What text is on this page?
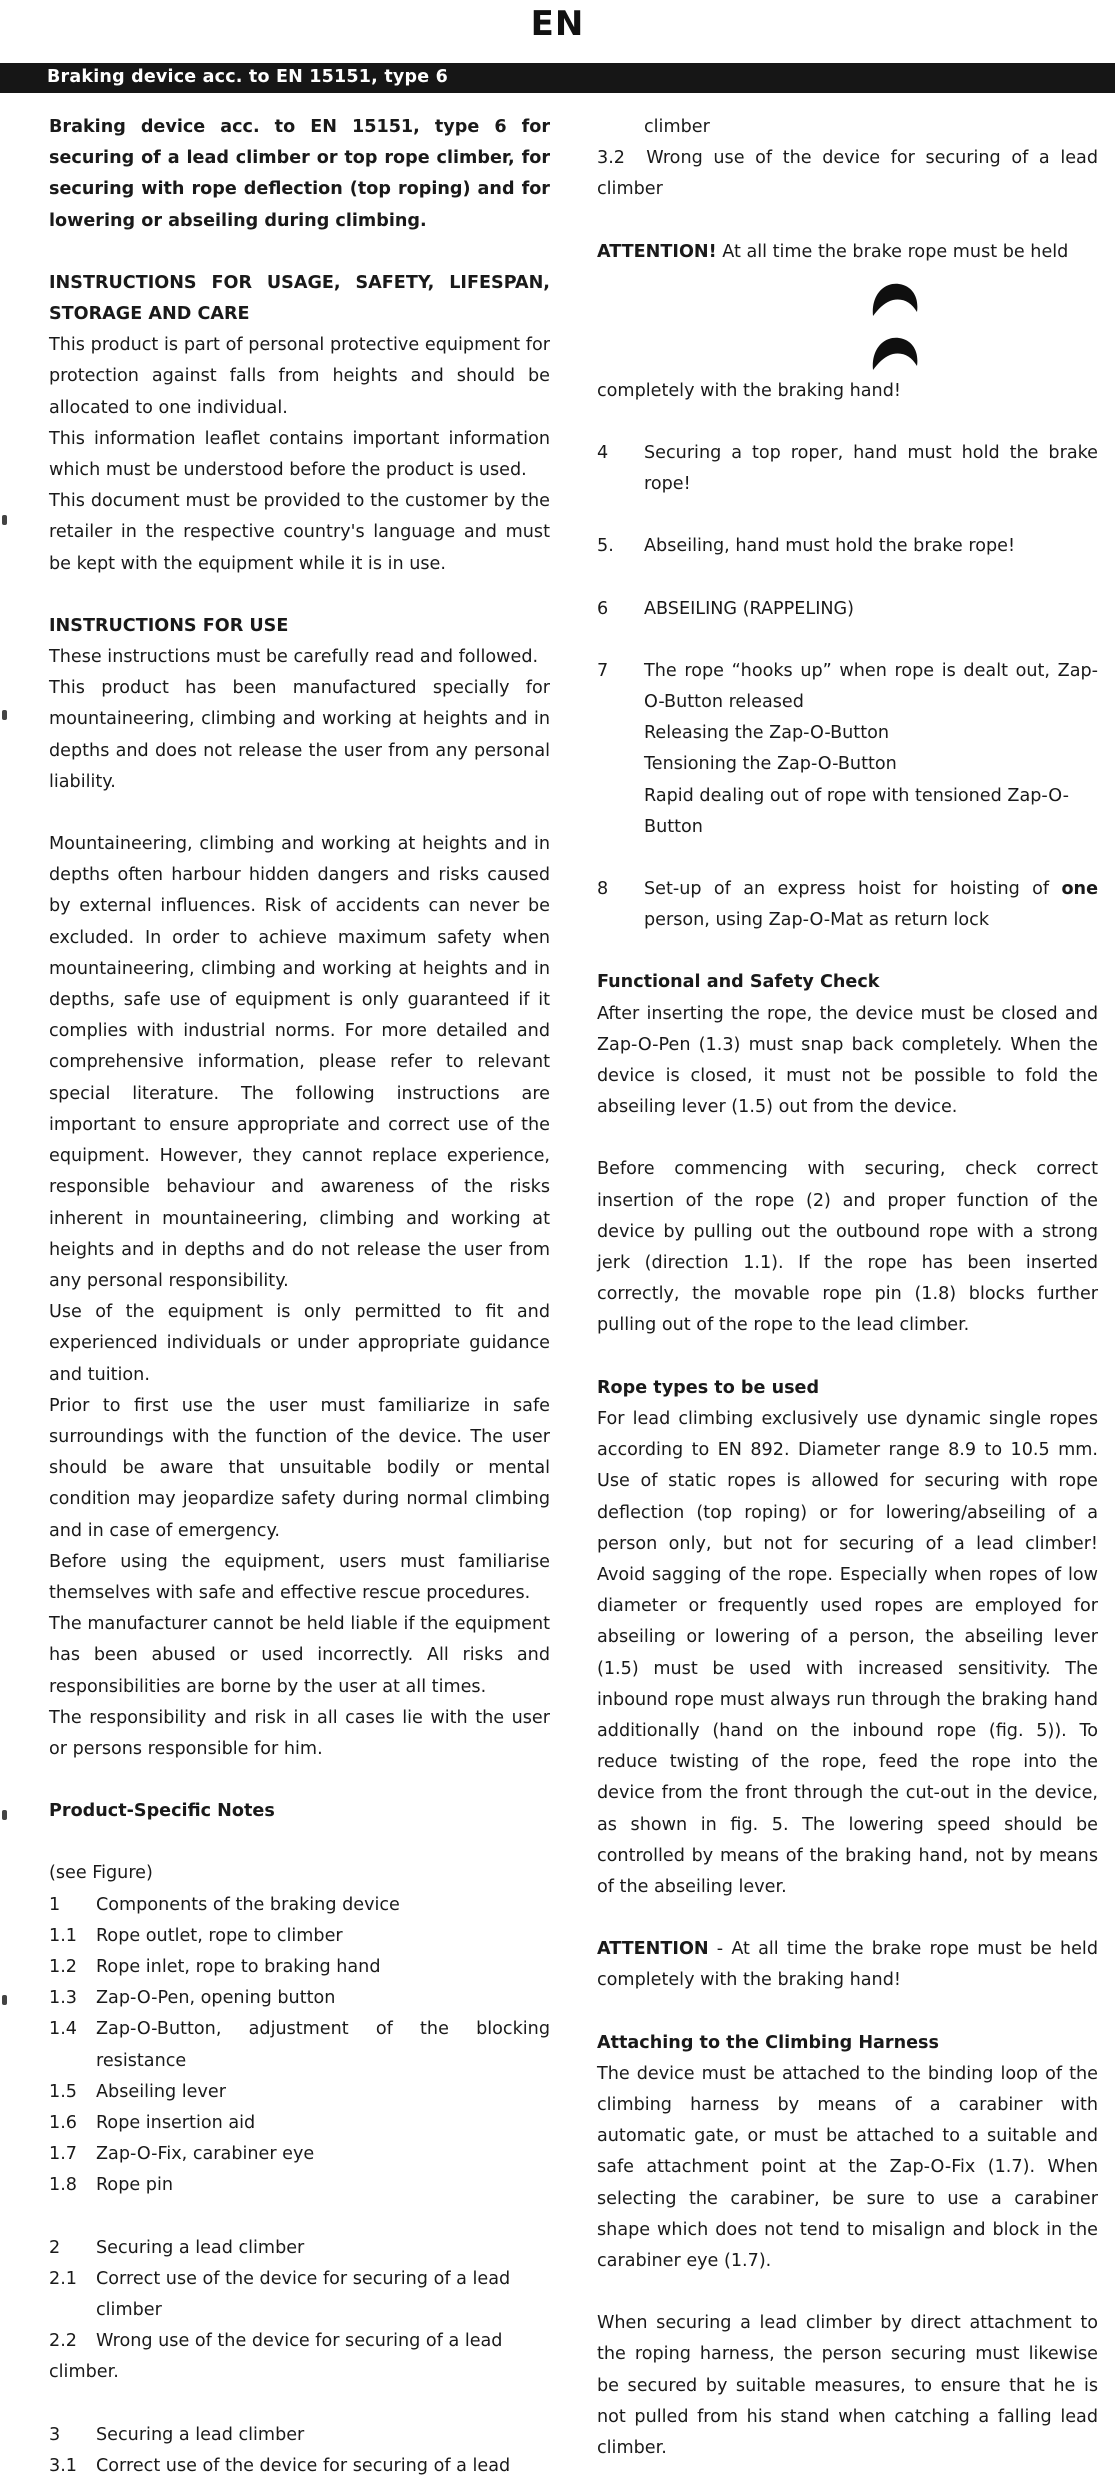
EN
Braking device acc. to EN 15151, type 6

Braking device acc. to EN 15151, type 6 for securing of a lead climber or top rope climber, for securing with rope deflection (top roping) and for lowering or abseiling during climbing.

INSTRUCTIONS FOR USAGE, SAFETY, LIFESPAN, STORAGE AND CARE

This product is part of personal protective equipment for protection against falls from heights and should be allocated to one individual.

This information leaflet contains important information which must be understood before the product is used.

This document must be provided to the customer by the retailer in the respective country's language and must be kept with the equipment while it is in use.

INSTRUCTIONS FOR USE

These instructions must be carefully read and followed.

This product has been manufactured specially for mountaineering, climbing and working at heights and in depths and does not release the user from any personal liability.

Mountaineering, climbing and working at heights and in depths often harbour hidden dangers and risks caused by external influences. Risk of accidents can never be excluded. In order to achieve maximum safety when mountaineering, climbing and working at heights and in depths, safe use of equipment is only guaranteed if it complies with industrial norms. For more detailed and comprehensive information, please refer to relevant special literature. The following instructions are important to ensure appropriate and correct use of the equipment. However, they cannot replace experience, responsible behaviour and awareness of the risks inherent in mountaineering, climbing and working at heights and in depths and do not release the user from any personal responsibility.

Use of the equipment is only permitted to fit and experienced individuals or under appropriate guidance and tuition.

Prior to first use the user must familiarize in safe surroundings with the function of the device. The user should be aware that unsuitable bodily or mental condition may jeopardize safety during normal climbing and in case of emergency.

Before using the equipment, users must familiarise themselves with safe and effective rescue procedures.

The manufacturer cannot be held liable if the equipment has been abused or used incorrectly. All risks and responsibilities are borne by the user at all times.

The responsibility and risk in all cases lie with the user or persons responsible for him.

Product-Specific Notes

(see Figure)

1	Components of the braking device
1.1	Rope outlet, rope to climber
1.2	Rope inlet, rope to braking hand
1.3	Zap-O-Pen, opening button
1.4	Zap-O-Button, adjustment of the blocking resistance
1.5	Abseiling lever
1.6	Rope insertion aid
1.7	Zap-O-Fix, carabiner eye
1.8	Rope pin
2	Securing a lead climber
2.1	Correct use of the device for securing of a lead
climber
2.2	Wrong use of the device for securing of a lead
climber.
3	Securing a lead climber
3.1	Correct use of the device for securing of a lead
climber

3.2 Wrong use of the device for securing of a lead climber

ATTENTION! At all time the brake rope must be held

completely with the braking hand!

4	Securing a top roper, hand must hold the brake rope!
5.	Abseiling, hand must hold the brake rope!
6	ABSEILING (RAPPELING)
7	The rope “hooks up” when rope is dealt out, Zap-O-Button released
Releasing the Zap-O-Button
Tensioning the Zap-O-Button
Rapid dealing out of rope with tensioned Zap-O-Button
8	Set-up of an express hoist for hoisting of one person, using Zap-O-Mat as return lock

Functional and Safety Check

After inserting the rope, the device must be closed and Zap-O-Pen (1.3) must snap back completely. When the device is closed, it must not be possible to fold the abseiling lever (1.5) out from the device.

Before commencing with securing, check correct insertion of the rope (2) and proper function of the device by pulling out the outbound rope with a strong jerk (direction 1.1). If the rope has been inserted correctly, the movable rope pin (1.8) blocks further pulling out of the rope to the lead climber.

Rope types to be used

For lead climbing exclusively use dynamic single ropes according to EN 892. Diameter range 8.9 to 10.5 mm. Use of static ropes is allowed for securing with rope deflection (top roping) or for lowering/abseiling of a person only, but not for securing of a lead climber! Avoid sagging of the rope. Especially when ropes of low diameter or frequently used ropes are employed for abseiling or lowering of a person, the abseiling lever (1.5) must be used with increased sensitivity. The inbound rope must always run through the braking hand additionally (hand on the inbound rope (fig. 5)). To reduce twisting of the rope, feed the rope into the device from the front through the cut-out in the device, as shown in fig. 5. The lowering speed should be controlled by means of the braking hand, not by means of the abseiling lever.

ATTENTION - At all time the brake rope must be held completely with the braking hand!

Attaching to the Climbing Harness

The device must be attached to the binding loop of the climbing harness by means of a carabiner with automatic gate, or must be attached to a suitable and safe attachment point at the Zap-O-Fix (1.7). When selecting the carabiner, be sure to use a carabiner shape which does not tend to misalign and block in the carabiner eye (1.7).

When securing a lead climber by direct attachment to the roping harness, the person securing must likewise be secured by suitable measures, to ensure that he is not pulled from his stand when catching a falling lead climber.
